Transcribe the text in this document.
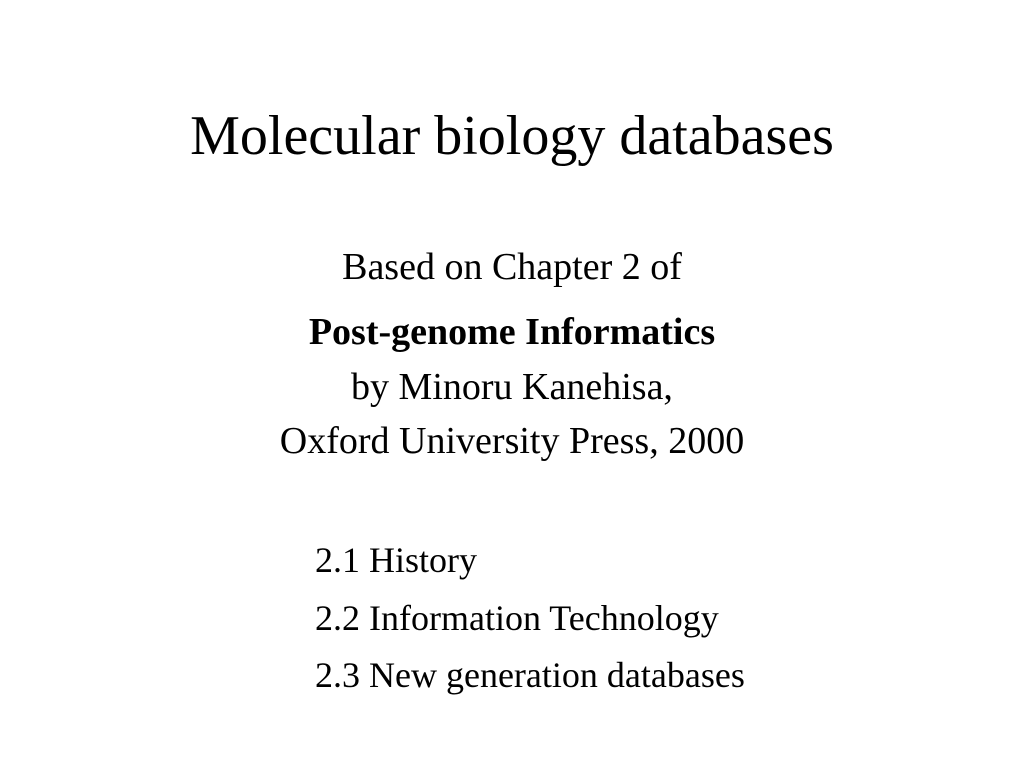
Molecular biology databases
Based on Chapter 2 of
Post-genome Informatics
by Minoru Kanehisa,
Oxford University Press, 2000
2.1 History
2.2 Information Technology
2.3 New generation databases
